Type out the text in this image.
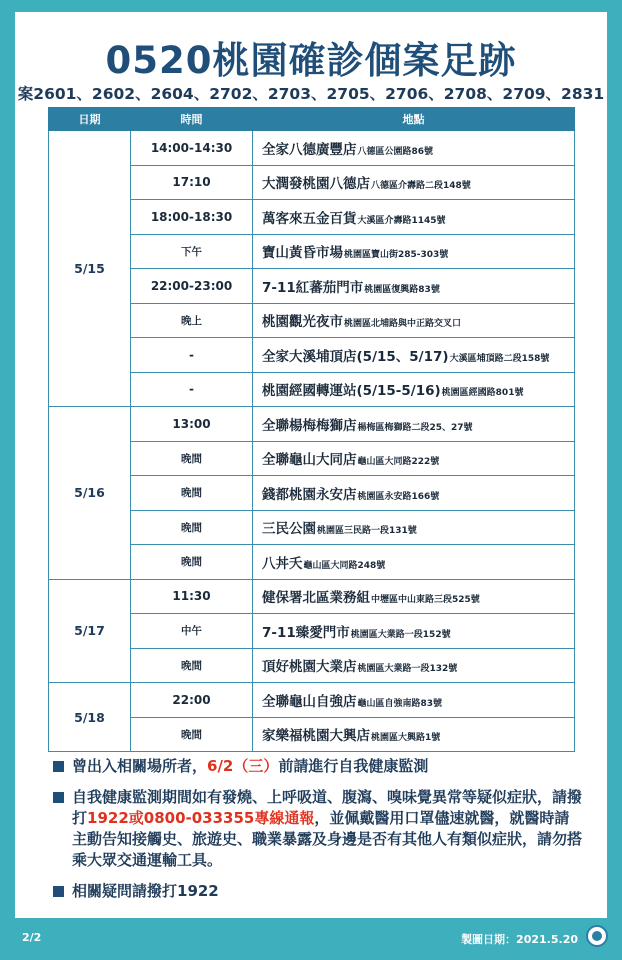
0520桃園確診個案足跡
案2601、2602、2604、2702、2703、2705、2706、2708、2709、2831
日期	時間	地點
5/15	14:00-14:30	全家八德廣豐店八德區公園路86號
	17:10	大潤發桃園八德店八德區介壽路二段148號
	18:00-18:30	萬客來五金百貨大溪區介壽路1145號
	下午	寶山黃昏市場桃園區寶山街285-303號
	22:00-23:00	7-11紅蕃茄門市桃園區復興路83號
	晚上	桃園觀光夜市桃園區北埔路與中正路交叉口
	-	全家大溪埔頂店(5/15、5/17)大溪區埔頂路二段158號
	-	桃園經國轉運站(5/15-5/16)桃園區經國路801號
5/16	13:00	全聯楊梅梅獅店楊梅區梅獅路二段25、27號
	晚間	全聯龜山大同店龜山區大同路222號
	晚間	錢都桃園永安店桃園區永安路166號
	晚間	三民公園桃園區三民路一段131號
	晚間	八丼夭龜山區大同路248號
5/17	11:30	健保署北區業務組中壢區中山東路三段525號
	中午	7-11臻愛門市桃園區大業路一段152號
	晚間	頂好桃園大業店桃園區大業路一段132號
5/18	22:00	全聯龜山自強店龜山區自強南路83號
	晚間	家樂福桃園大興店桃園區大興路1號
曾出入相關場所者，6/2（三）前請進行自我健康監測
自我健康監測期間如有發燒、上呼吸道、腹瀉、嗅味覺異常等疑似症狀，請撥打1922或0800-033355專線通報，並佩戴醫用口罩儘速就醫，就醫時請主動告知接觸史、旅遊史、職業暴露及身邊是否有其他人有類似症狀，請勿搭乘大眾交通運輸工具。
相關疑問請撥打1922
2/2	製圖日期：2021.5.20
